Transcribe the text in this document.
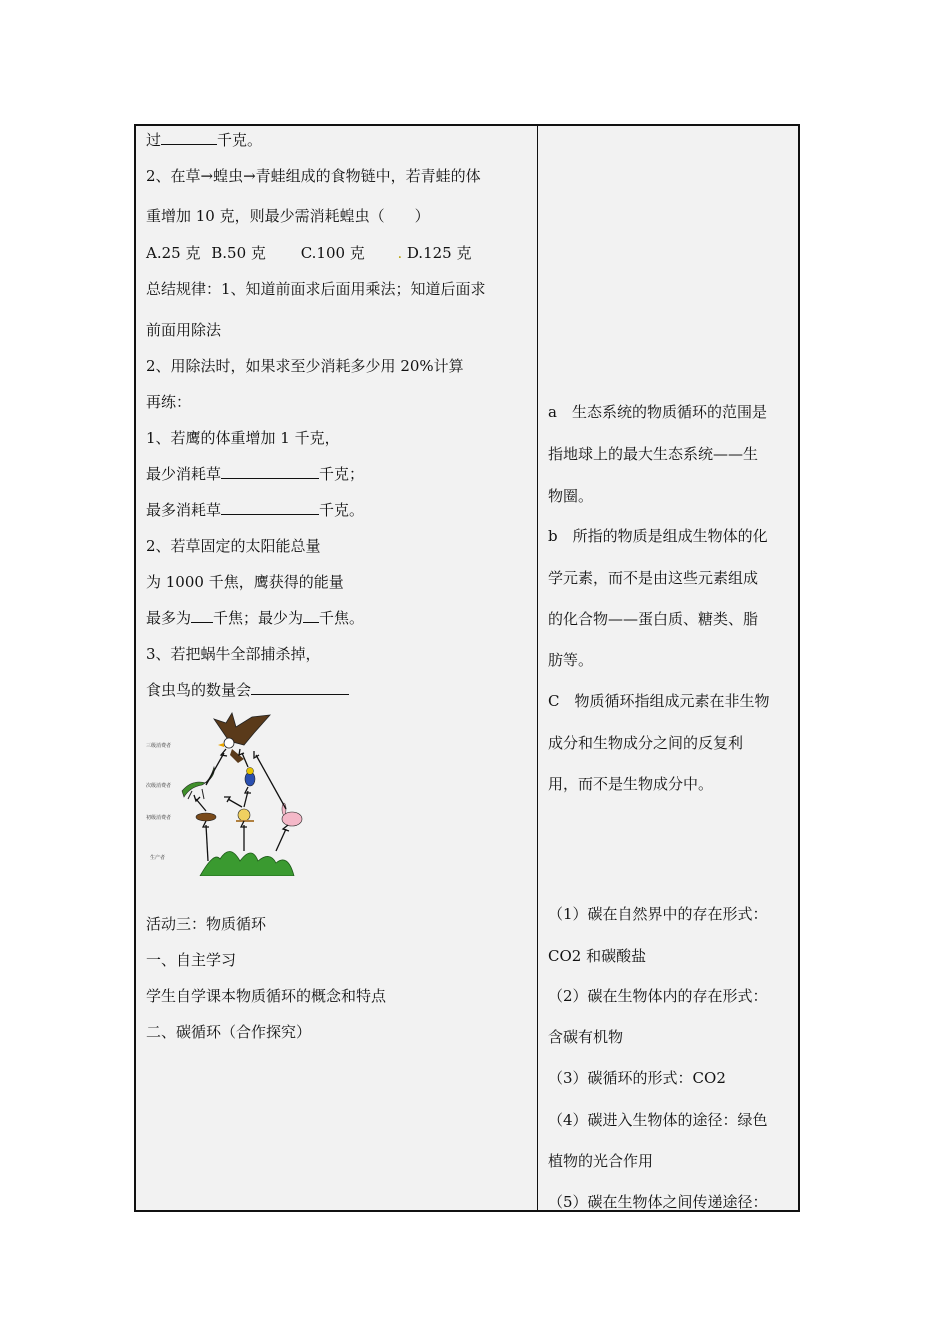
过	千克。
2、在草→蝗虫→青蛙组成的食物链中，若青蛙的体
重增加 10 克，则最少需消耗蝗虫（　　）
A.25 克 B.50 克 C.100 克 . D.125 克
总结规律：1、知道前面求后面用乘法；知道后面求
前面用除法
2、用除法时，如果求至少消耗多少用 20%计算
再练：
1、若鹰的体重增加 1 千克，
最少消耗草	千克；
最多消耗草	千克。
2、若草固定的太阳能总量
为 1000 千焦，鹰获得的能量
最多为 千焦；最少为 千焦。
3、若把蜗牛全部捕杀掉，
食虫鸟的数量会
三级消费者
次级消费者
初级消费者
生产者
活动三：物质循环
一、自主学习
学生自学课本物质循环的概念和特点
二、碳循环（合作探究）
a　生态系统的物质循环的范围是
指地球上的最大生态系统——生
物圈。
b　所指的物质是组成生物体的化
学元素，而不是由这些元素组成
的化合物——蛋白质、糖类、脂
肪等。
C　物质循环指组成元素在非生物
成分和生物成分之间的反复利
用，而不是生物成分中。
（1）碳在自然界中的存在形式：
CO2 和碳酸盐
（2）碳在生物体内的存在形式：
含碳有机物
（3）碳循环的形式：CO2
（4）碳进入生物体的途径：绿色
植物的光合作用
（5）碳在生物体之间传递途径：
